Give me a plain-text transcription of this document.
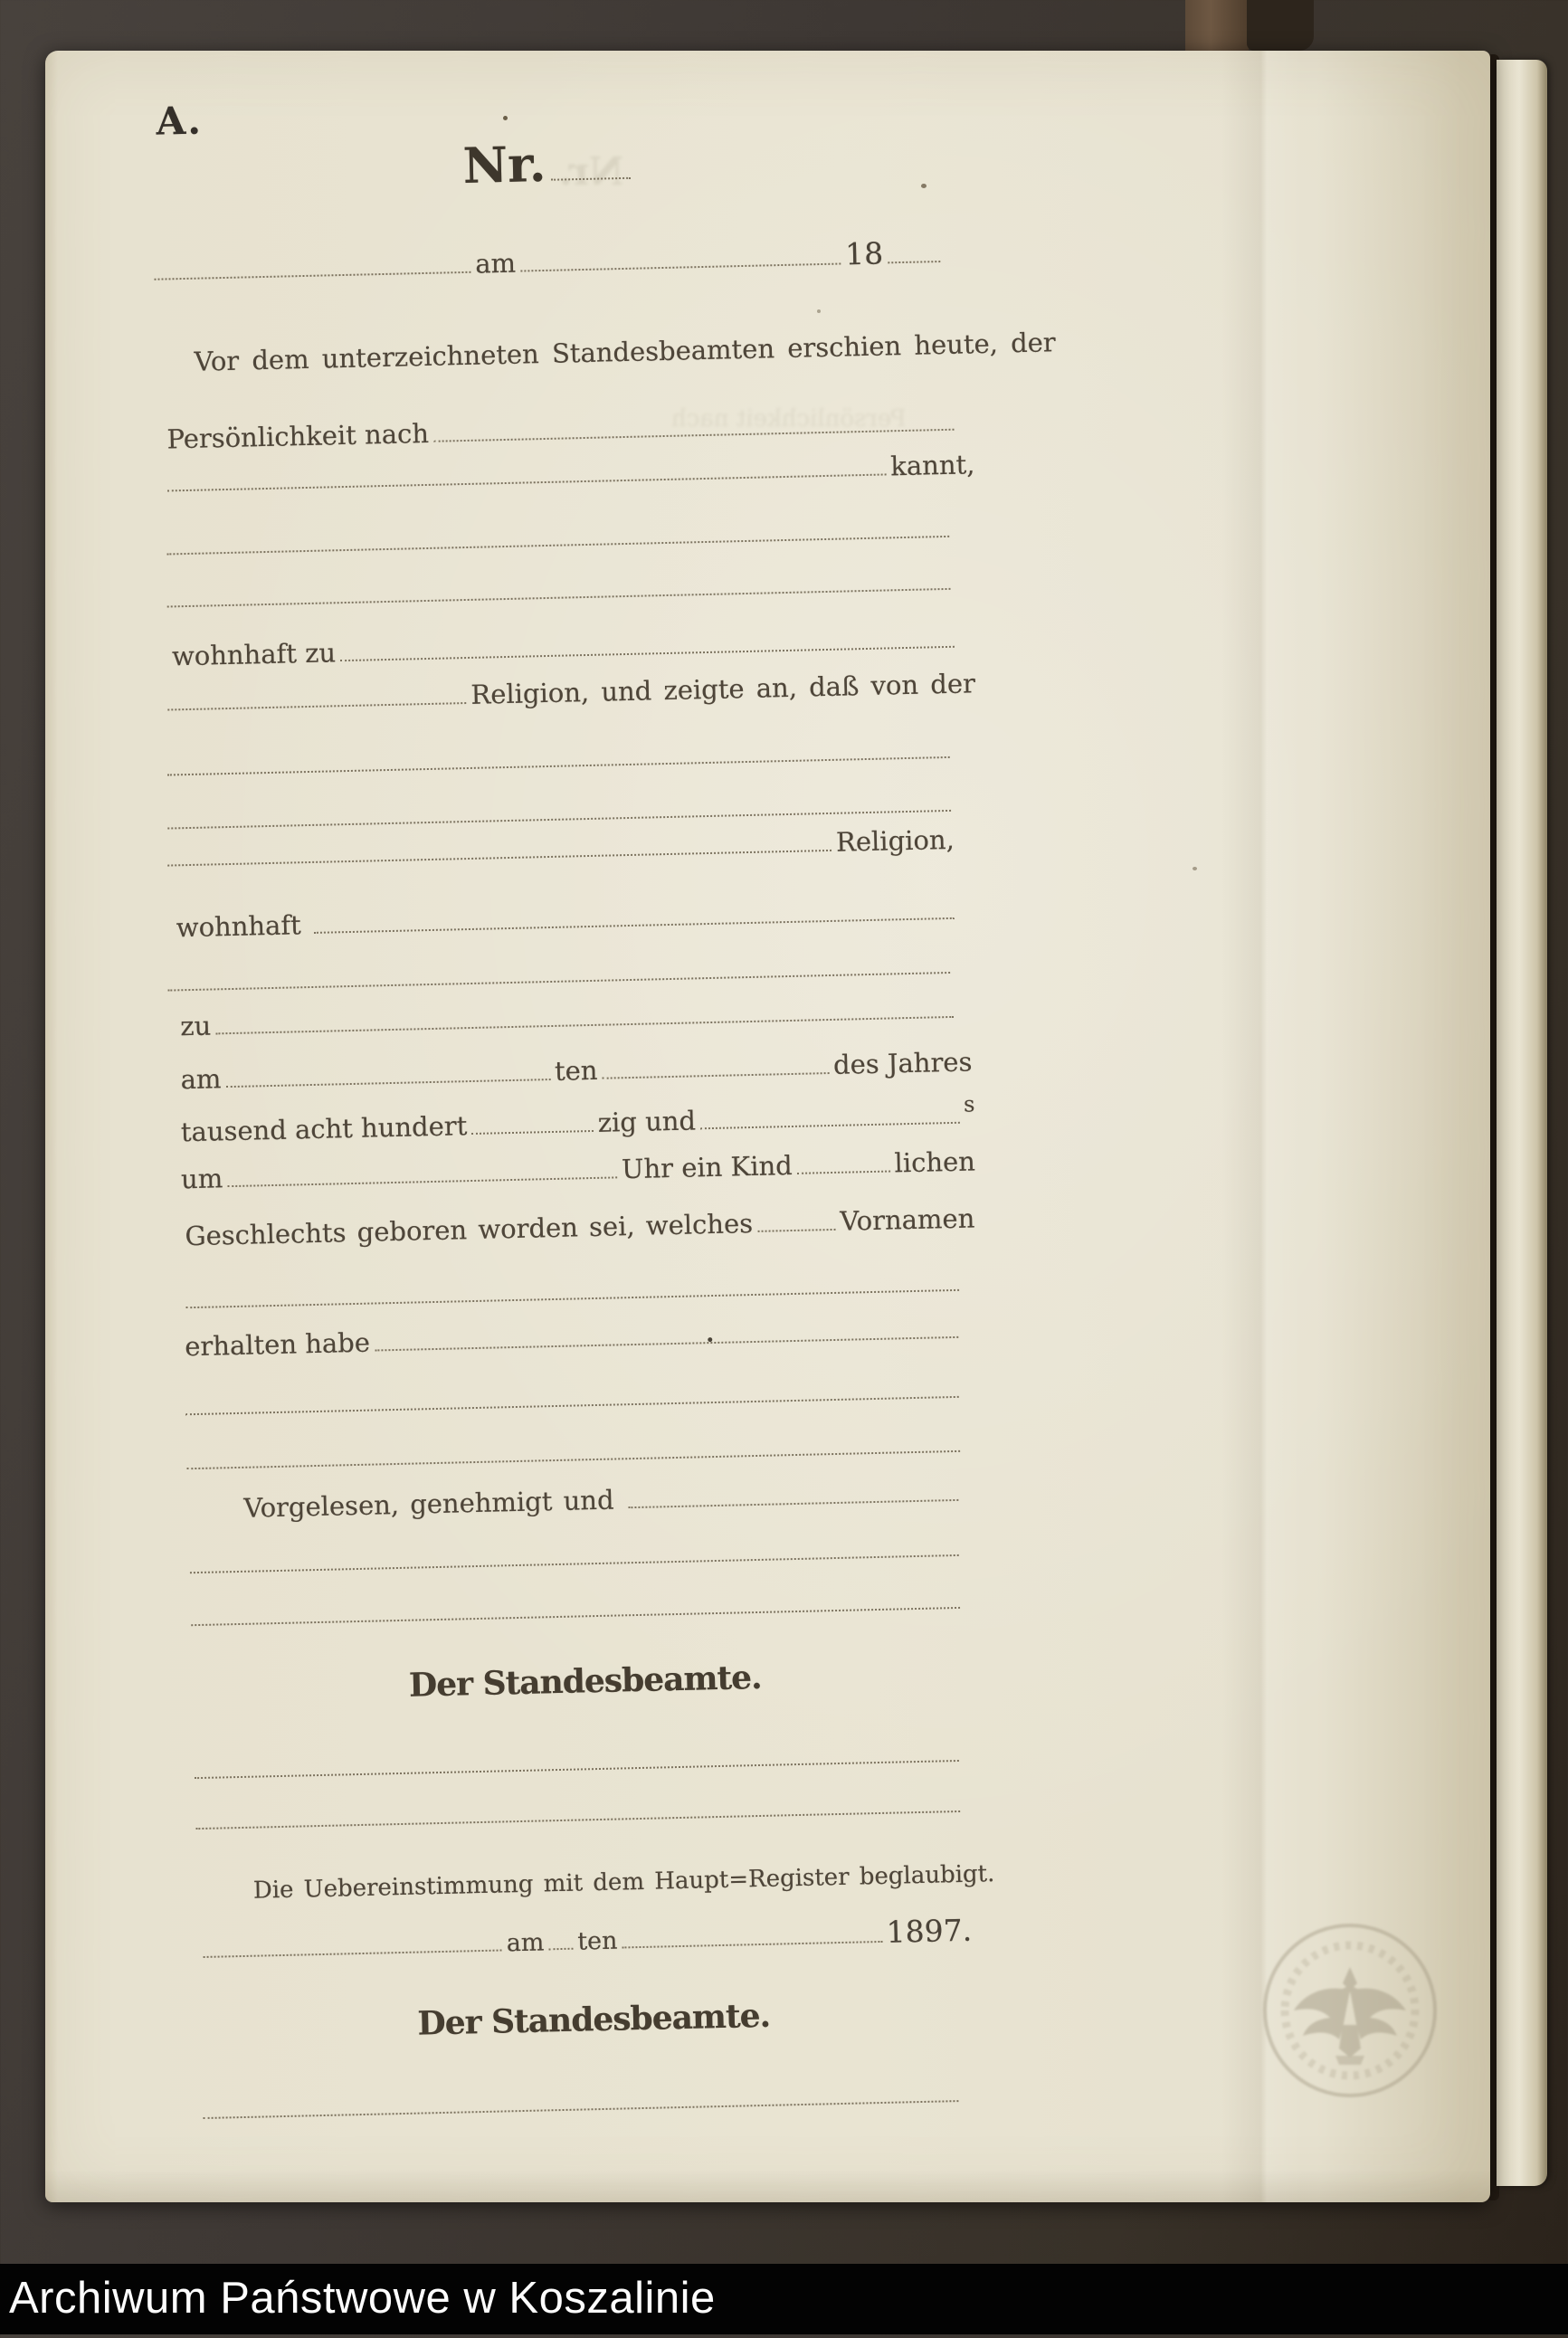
Nr.
Persönlichkeit nach
A.
Nr.
am	18
Vor dem unterzeichneten Standesbeamten erschien heute, der
Persönlichkeit nach
kannt,
wohnhaft zu
Religion, und zeigte an, daß von der
Religion,
wohnhaft
zu
am	ten	des Jahres
tausend acht hundert	zig und
s
um	Uhr ein Kind	lichen
Geschlechts geboren worden sei, welches	Vornamen
erhalten habe
Vorgelesen, genehmigt und
Der Standesbeamte.
Die Uebereinstimmung mit dem Haupt=Register beglaubigt.
am ten	1897.
Der Standesbeamte.
Archiwum Państwowe w Koszalinie
